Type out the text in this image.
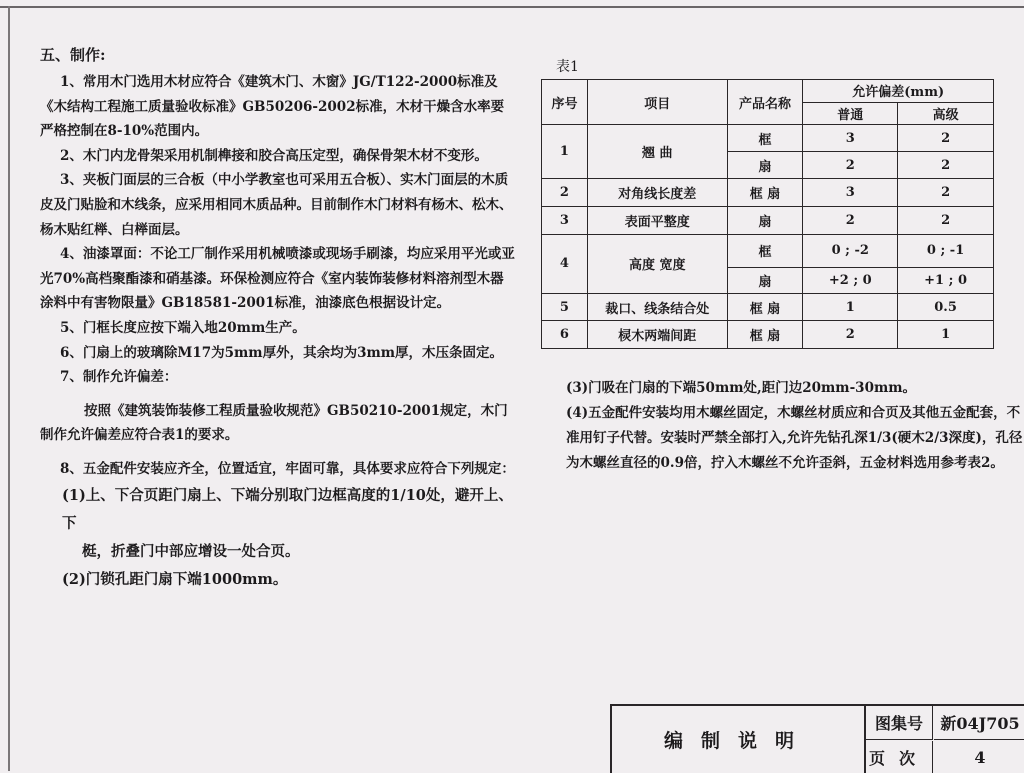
五、制作:

1、常用木门选用木材应符合《建筑木门、木窗》JG/T122-2000标准及《木结构工程施工质量验收标准》GB50206-2002标准，木材干燥含水率要严格控制在8-10%范围内。

2、木门内龙骨架采用机制榫接和胶合高压定型，确保骨架木材不变形。

3、夹板门面层的三合板（中小学教室也可采用五合板）、实木门面层的木质皮及门贴脸和木线条，应采用相同木质品种。目前制作木门材料有杨木、松木、杨木贴红榉、白榉面层。

4、油漆罩面：不论工厂制作采用机械喷漆或现场手刷漆，均应采用平光或亚光70%高档聚酯漆和硝基漆。环保检测应符合《室内装饰装修材料溶剂型木器涂料中有害物限量》GB18581-2001标准，油漆底色根据设计定。

5、门框长度应按下端入地20mm生产。

6、门扇上的玻璃除M17为5mm厚外，其余均为3mm厚，木压条固定。

7、制作允许偏差：

按照《建筑装饰装修工程质量验收规范》GB50210-2001规定，木门制作允许偏差应符合表1的要求。

8、五金配件安装应齐全，位置适宜，牢固可靠，具体要求应符合下列规定：

(1)上、下合页距门扇上、下端分别取门边框高度的1/10处，避开上、下

梃，折叠门中部应增设一处合页。

(2)门锁孔距门扇下端1000mm。

表1
序号	项目	产品名称	允许偏差(mm)	
			普通	高级
1	翘 曲	框	3	2
		扇	2	2
2	对角线长度差	框 扇	3	2
3	表面平整度	扇	2	2
4	高度 宽度	框	0 ; -2	0 ; -1
		扇	+2 ; 0	+1 ; 0
5	裁口、线条结合处	框 扇	1	0.5
6	棂木两端间距	框 扇	2	1

(3)门吸在门扇的下端50mm处,距门边20mm-30mm。

(4)五金配件安装均用木螺丝固定，木螺丝材质应和合页及其他五金配套，不准用钉子代替。安装时严禁全部打入,允许先钻孔深1/3(硬木2/3深度)，孔径为木螺丝直径的0.9倍，拧入木螺丝不允许歪斜，五金材料选用参考表2。

编制说明
图集号	新04J705
页次	4
